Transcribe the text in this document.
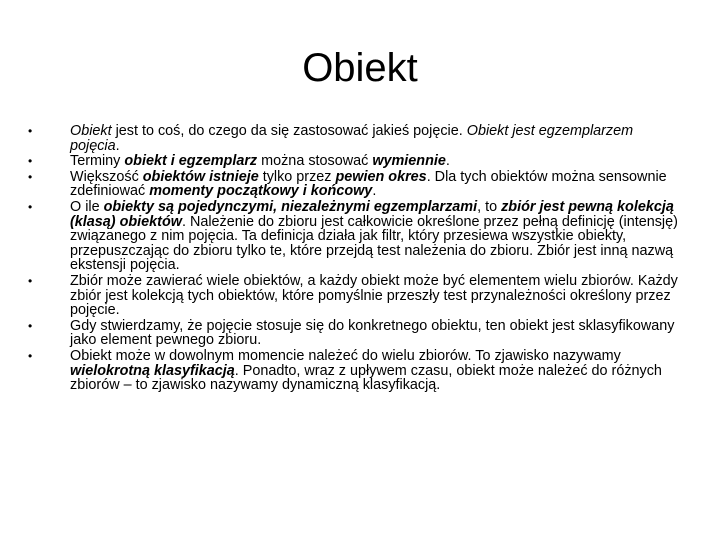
Obiekt
•	Obiekt jest to coś, do czego da się zastosować jakieś pojęcie. Obiekt jest egzemplarzem pojęcia.
•	Terminy obiekt i egzemplarz można stosować wymiennie.
•	Większość obiektów istnieje tylko przez pewien okres. Dla tych obiektów można sensownie zdefiniować momenty początkowy i końcowy.
•	O ile obiekty są pojedynczymi, niezależnymi egzemplarzami, to zbiór jest pewną kolekcją (klasą) obiektów. Należenie do zbioru jest całkowicie określone przez pełną definicję (intensję) związanego z nim pojęcia. Ta definicja działa jak filtr, który przesiewa wszystkie obiekty, przepuszczając do zbioru tylko te, które przejdą test należenia do zbioru. Zbiór jest inną nazwą ekstensji pojęcia.
•	Zbiór może zawierać wiele obiektów, a każdy obiekt może być elementem wielu zbiorów. Każdy zbiór jest kolekcją tych obiektów, które pomyślnie przeszły test przynależności określony przez pojęcie.
•	Gdy stwierdzamy, że pojęcie stosuje się do konkretnego obiektu, ten obiekt jest sklasyfikowany jako element pewnego zbioru.
•	Obiekt może w dowolnym momencie należeć do wielu zbiorów. To zjawisko nazywamy wielokrotną klasyfikacją. Ponadto, wraz z upływem czasu, obiekt może należeć do różnych zbiorów – to zjawisko nazywamy dynamiczną klasyfikacją.
